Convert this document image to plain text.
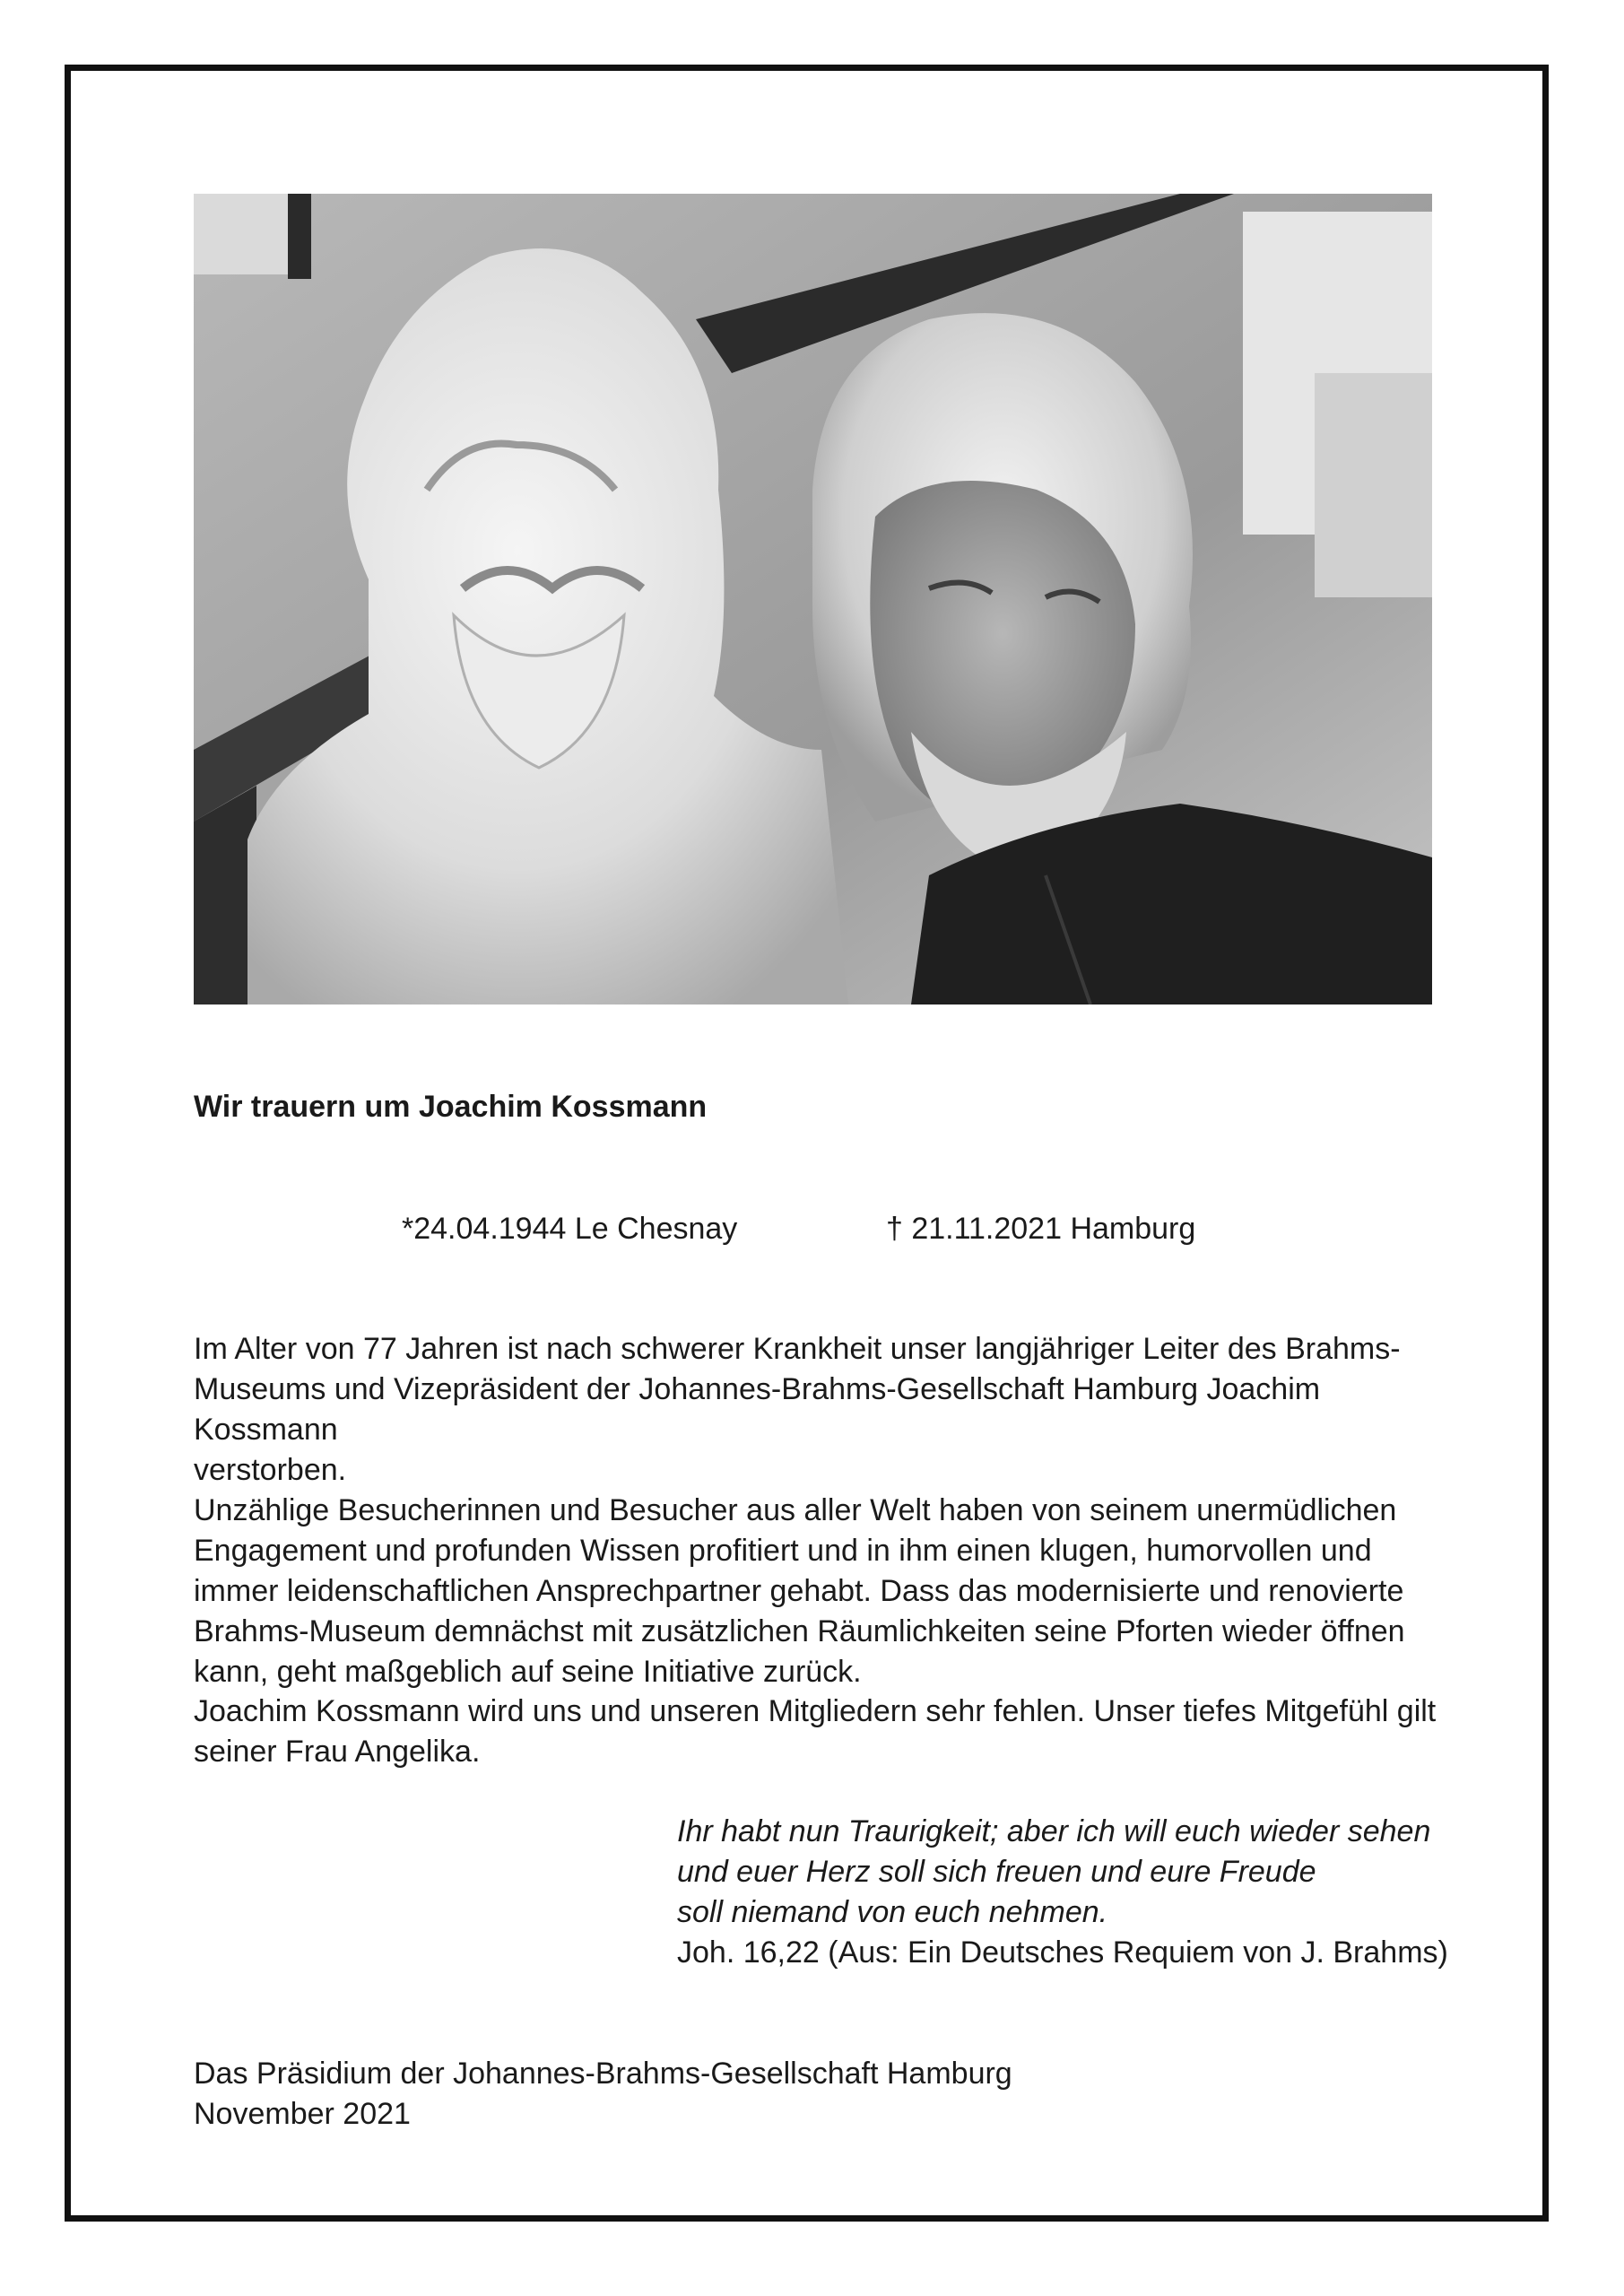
Wir trauern um Joachim Kossmann
*24.04.1944 Le Chesnay	† 21.11.2021 Hamburg
Im Alter von 77 Jahren ist nach schwerer Krankheit unser langjähriger Leiter des Brahms-
Museums und Vizepräsident der Johannes-Brahms-Gesellschaft Hamburg Joachim Kossmann
verstorben.
Unzählige Besucherinnen und Besucher aus aller Welt haben von seinem unermüdlichen
Engagement und profunden Wissen profitiert und in ihm einen klugen, humorvollen und
immer leidenschaftlichen Ansprechpartner gehabt. Dass das modernisierte und renovierte
Brahms-Museum demnächst mit zusätzlichen Räumlichkeiten seine Pforten wieder öffnen
kann, geht maßgeblich auf seine Initiative zurück.
Joachim Kossmann wird uns und unseren Mitgliedern sehr fehlen. Unser tiefes Mitgefühl gilt
seiner Frau Angelika.
Ihr habt nun Traurigkeit; aber ich will euch wieder sehen
und euer Herz soll sich freuen und eure Freude
soll niemand von euch nehmen.
Joh. 16,22 (Aus: Ein Deutsches Requiem von J. Brahms)
Das Präsidium der Johannes-Brahms-Gesellschaft Hamburg
November 2021
